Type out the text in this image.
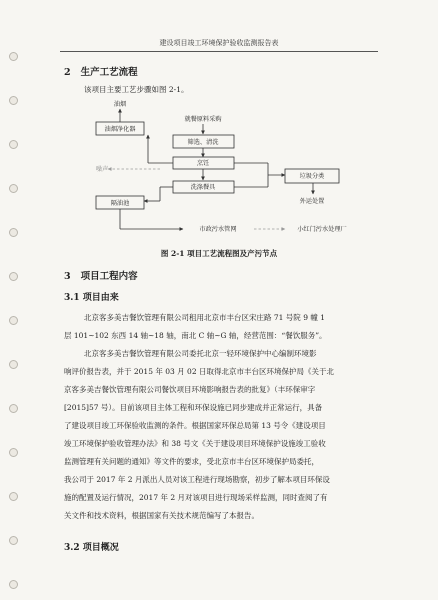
建设项目竣工环境保护验收监测报告表
2 生产工艺流程
该项目主要工艺步骤如图 2-1。
油烟
油烟净化器
就餐原料采购
筛选、清洗
烹饪
洗涤餐具
噪声
隔油池
垃圾分类
外运处置
市政污水管网	小红门污水处理厂
图 2-1 项目工艺流程图及产污节点
3 项目工程内容
3.1 项目由来
北京客多美吉餐饮管理有限公司租用北京市丰台区宋庄路 71 号院 9 幢 1
层 101~102 东西 14 轴~18 轴，南北 C 轴~G 轴，经营范围：“餐饮服务”。
北京客多美吉餐饮管理有限公司委托北京一轻环境保护中心编制环境影
响评价报告表，并于 2015 年 03 月 02 日取得北京市丰台区环境保护局《关于北
京客多美吉餐饮管理有限公司餐饮项目环境影响报告表的批复》（丰环保审字
[2015]57 号）。目前该项目主体工程和环保设施已同步建成并正常运行，具备
了建设项目竣工环保验收监测的条件。根据国家环保总局第 13 号令《建设项目
竣工环境保护验收管理办法》和 38 号文《关于建设项目环境保护设施竣工验收
监测管理有关问题的通知》等文件的要求，受北京市丰台区环境保护局委托，
我公司于 2017 年 2 月派出人员对该工程进行现场勘察，初步了解本项目环保设
施的配置及运行情况，2017 年 2 月对该项目进行现场采样监测，同时查阅了有
关文件和技术资料，根据国家有关技术规范编写了本报告。
3.2 项目概况
